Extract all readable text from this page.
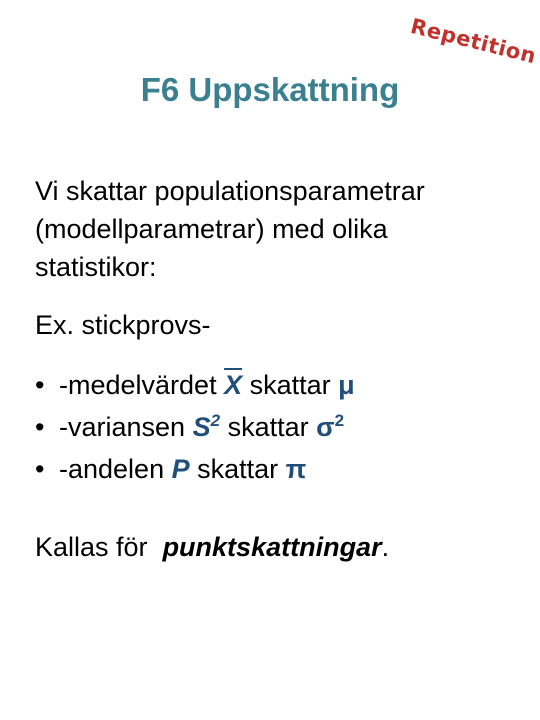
Repetition
F6 Uppskattning

Vi skattar populationsparametrar (modellparametrar) med olika statistikor:

Ex. stickprovs-

• -medelvärdet $\overline{X}$ skattar μ
• -variansen $S^2$ skattar $\sigma^2$
• -andelen P skattar π

Kallas för  punktskattningar.
